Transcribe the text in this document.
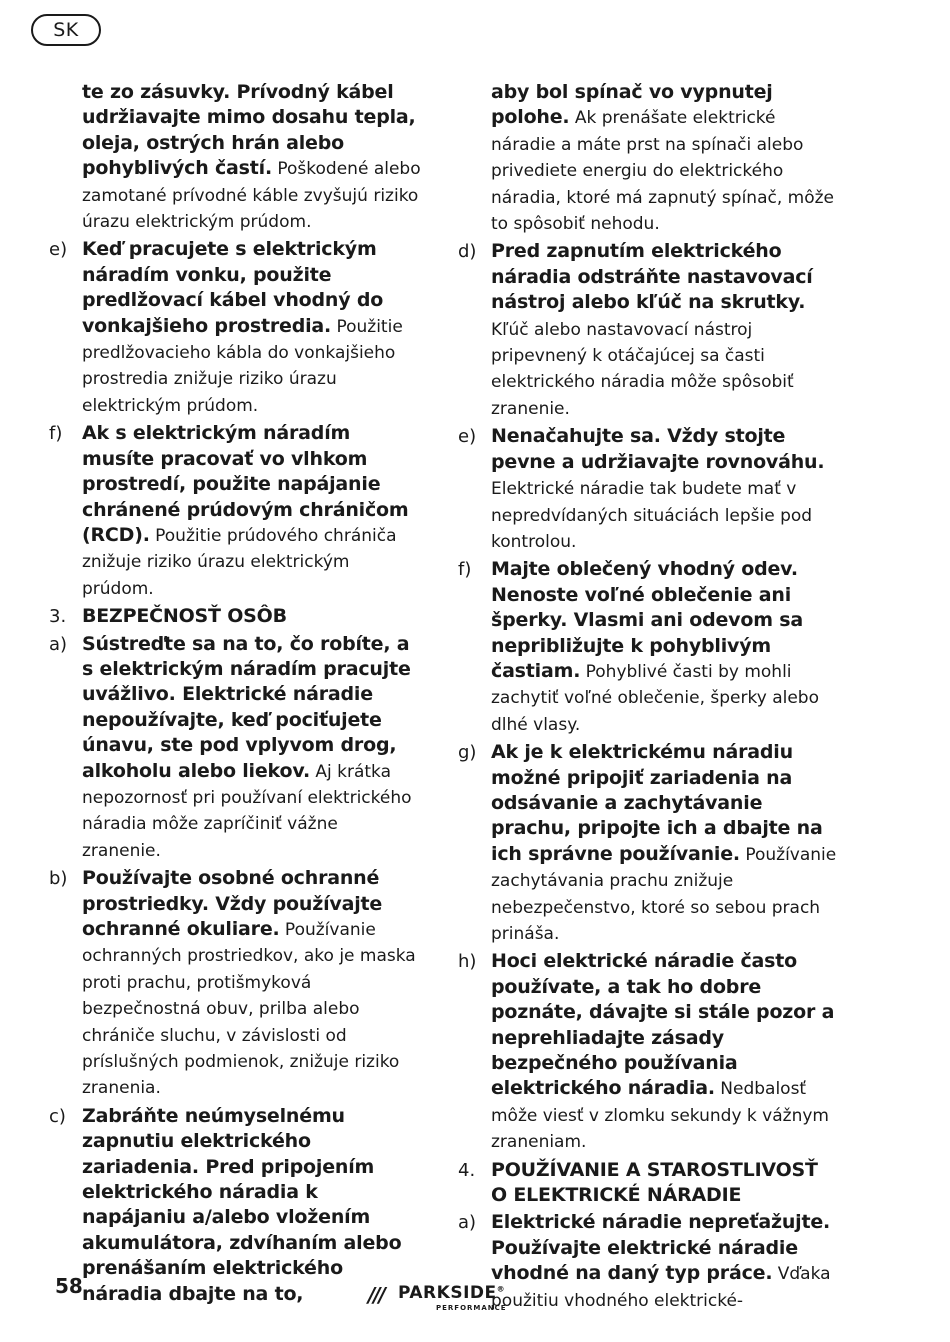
SK
te zo zásuvky. Prívodný kábel udržiavajte mimo dosahu tepla, oleja, ostrých hrán alebo pohyblivých častí. Poškodené alebo zamotané prívodné káble zvyšujú riziko úrazu elektrickým prúdom.
e) Keď pracujete s elektrickým náradím vonku, použite predlžovací kábel vhodný do vonkajšieho prostredia. Použitie predlžovacieho kábla do vonkajšieho prostredia znižuje riziko úrazu elektrickým prúdom.
f)	Ak s elektrickým náradím musíte pracovať vo vlhkom prostredí, použite napájanie chránené prúdovým chráničom (RCD). Použitie prúdového chrániča znižuje riziko úrazu elektrickým prúdom.
3. BEZPEČNOSŤ OSÔB
a) Sústreďte sa na to, čo robíte, a s elektrickým náradím pracujte uvážlivo. Elektrické náradie nepoužívajte, keď pociťujete únavu, ste pod vplyvom drog, alkoholu alebo liekov. Aj krátka nepozornosť pri používaní elektrického náradia môže zapríčiniť vážne zranenie.
b) Používajte osobné ochranné prostriedky. Vždy používajte ochranné okuliare. Používanie ochranných prostriedkov, ako je maska proti prachu, protišmyková bezpečnostná obuv, prilba alebo chrániče sluchu, v závislosti od príslušných podmienok, znižuje riziko zranenia.
c) Zabráňte neúmyselnému zapnutiu elektrického zariadenia. Pred pripojením elektrického náradia k napájaniu a/alebo vložením akumulátora, zdvíhaním alebo prenášaním elektrického náradia dbajte na to,
aby bol spínač vo vypnutej polohe. Ak prenášate elektrické náradie a máte prst na spínači alebo privediete energiu do elektrického náradia, ktoré má zapnutý spínač, môže to spôsobiť nehodu.
d) Pred zapnutím elektrického náradia odstráňte nastavovací nástroj alebo kľúč na skrutky. Kľúč alebo nastavovací nástroj pripevnený k otáčajúcej sa časti elektrického náradia môže spôsobiť zranenie.
e) Nenačahujte sa. Vždy stojte pevne a udržiavajte rovnováhu. Elektrické náradie tak budete mať v nepredvídaných situáciách lepšie pod kontrolou.
f)	Majte oblečený vhodný odev. Nenoste voľné oblečenie ani šperky. Vlasmi ani odevom sa nepribližujte k pohyblivým častiam. Pohyblivé časti by mohli zachytiť voľné oblečenie, šperky alebo dlhé vlasy.
g) Ak je k elektrickému náradiu možné pripojiť zariadenia na odsávanie a zachytávanie prachu, pripojte ich a dbajte na ich správne používanie. Používanie zachytávania prachu znižuje nebezpečenstvo, ktoré so sebou prach prináša.
h) Hoci elektrické náradie často používate, a tak ho dobre poznáte, dávajte si stále pozor a neprehliadajte zásady bezpečného používania elektrického náradia. Nedbalosť môže viesť v zlomku sekundy k vážnym zraneniam.
4. POUŽÍVANIE A STAROSTLIVOSŤ O ELEKTRICKÉ NÁRADIE
a) Elektrické náradie nepreťažujte. Používajte elektrické náradie vhodné na daný typ práce. Vďaka použitiu vhodného elektrické-
58	/// PARKSIDE®
PERFORMANCE
